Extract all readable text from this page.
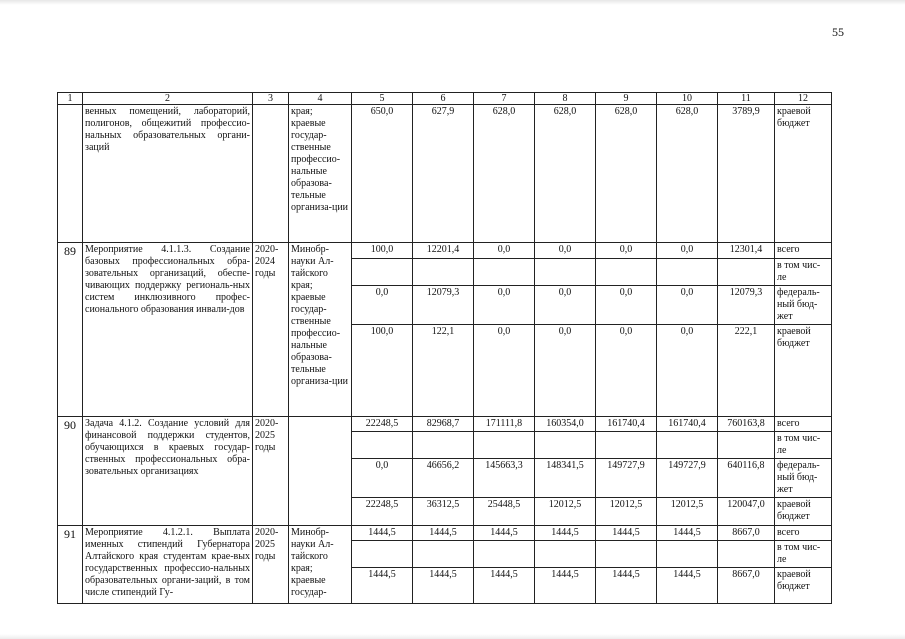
55
1	2	3	4	5	6	7	8	9	10	11	12
	венных помещений, лабораторий, полигонов, общежитий профессио-нальных образовательных органи-заций		края; краевые государ-ственные профессио-нальные образова-тельные организа-ции	650,0	627,9	628,0	628,0	628,0	628,0	3789,9	краевой бюджет
89	Мероприятие 4.1.1.3. Создание базовых профессиональных обра-зовательных организаций, обеспе-чивающих поддержку региональ-ных систем инклюзивного профес-сионального образования инвали-дов	2020-2024 годы	Минобр-науки Ал-тайского края; краевые государ-ственные профессио-нальные образова-тельные организа-ции	100,0	12201,4	0,0	0,0	0,0	0,0	12301,4	всего
											в том чис-ле
				0,0	12079,3	0,0	0,0	0,0	0,0	12079,3	федераль-ный бюд-жет
				100,0	122,1	0,0	0,0	0,0	0,0	222,1	краевой бюджет
90	Задача 4.1.2. Создание условий для финансовой поддержки студентов, обучающихся в краевых государ-ственных профессиональных обра-зовательных организациях	2020-2025 годы		22248,5	82968,7	171111,8	160354,0	161740,4	161740,4	760163,8	всего
											в том чис-ле
				0,0	46656,2	145663,3	148341,5	149727,9	149727,9	640116,8	федераль-ный бюд-жет
				22248,5	36312,5	25448,5	12012,5	12012,5	12012,5	120047,0	краевой бюджет
91	Мероприятие 4.1.2.1. Выплата именных стипендий Губернатора Алтайского края студентам крае-вых государственных профессио-нальных образовательных органи-заций, в том числе стипендий Гу-	2020-2025 годы	Минобр-науки Ал-тайского края; краевые государ-	1444,5	1444,5	1444,5	1444,5	1444,5	1444,5	8667,0	всего
											в том чис-ле
				1444,5	1444,5	1444,5	1444,5	1444,5	1444,5	8667,0	краевой бюджет
